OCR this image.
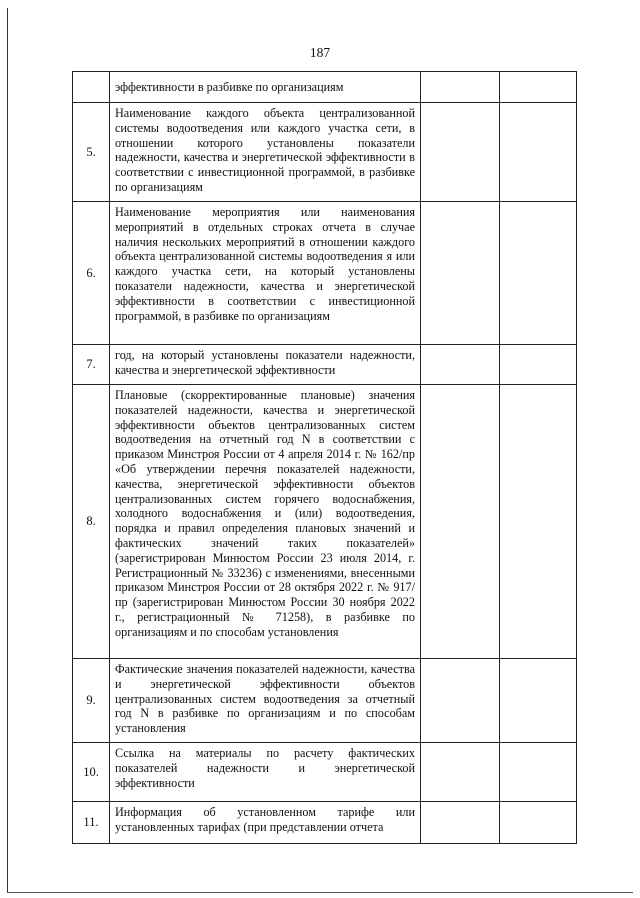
187

	эффективности в разбивке по организациям		

5.	Наименование каждого объекта централизованной системы водоотведения или каждого участка сети, в отношении которого установлены показатели надежности, качества и энергетической эффективности в соответствии с инвестиционной программой, в разбивке по организациям		

6.	Наименование мероприятия или наименования мероприятий в отдельных строках отчета в случае наличия нескольких мероприятий в отношении каждого объекта централизованной системы водоотведения я или каждого участка сети, на который установлены показатели надежности, качества и энергетической эффективности в соответствии с инвестиционной программой, в разбивке по организациям		

7.	год, на который установлены показатели надежности, качества и энергетической эффективности		

8.	Плановые (скорректированные плановые) значения показателей надежности, качества и энергетической эффективности объектов централизованных систем водоотведения на отчетный год N в соответствии с приказом Минстроя России от 4 апреля 2014 г. № 162/пр «Об утверждении перечня показателей надежности, качества, энергетической эффективности объектов централизованных систем горячего водоснабжения, холодного водоснабжения и (или) водоотведения, порядка и правил определения плановых значений и фактических значений таких показателей» (зарегистрирован Минюстом России 23 июля 2014, г. Регистрационный № 33236) с изменениями, внесенными приказом Минстроя России от 28 октября 2022 г. № 917/пр (зарегистрирован Минюстом России 30 ноября 2022 г., регистрационный № 71258), в разбивке по организациям и по способам установления		

9.	Фактические значения показателей надежности, качества и энергетической эффективности объектов централизованных систем водоотведения за отчетный год N в разбивке по организациям и по способам установления		

10.	Ссылка на материалы по расчету фактических показателей надежности и энергетической эффективности		

11.	Информация об установленном тарифе или установленных тарифах (при представлении отчета		
